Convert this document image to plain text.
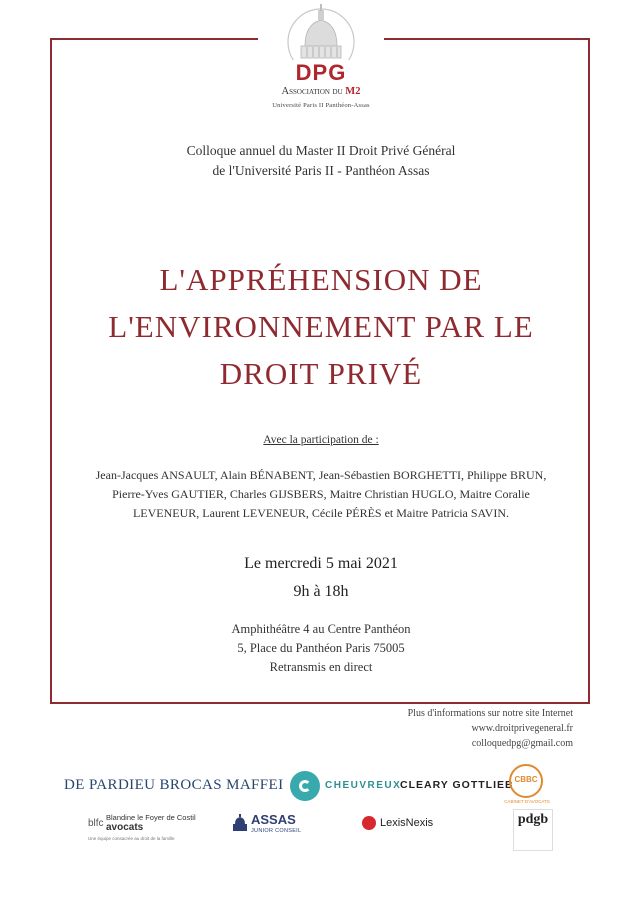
DPG
Association du M2
Université Paris II Panthéon-Assas
Colloque annuel du Master II Droit Privé Général
de l'Université Paris II - Panthéon Assas
L'APPRÉHENSION DE
L'ENVIRONNEMENT PAR LE
DROIT PRIVÉ
Avec la participation de :
Jean-Jacques ANSAULT, Alain BÉNABENT, Jean-Sébastien BORGHETTI, Philippe BRUN,
Pierre-Yves GAUTIER, Charles GIJSBERS, Maitre Christian HUGLO, Maitre Coralie
LEVENEUR, Laurent LEVENEUR, Cécile PÉRÈS et Maitre Patricia SAVIN.
Le mercredi 5 mai 2021
9h à 18h
Amphithéâtre 4 au Centre Panthéon
5, Place du Panthéon Paris 75005
Retransmis en direct
Plus d'informations sur notre site Internet
www.droitprivegeneral.fr
colloquedpg@gmail.com
DE PARDIEU BROCAS MAFFEI	CHEUVREUX
CLEARY GOTTLIEB CBBC
CABINET D'AVOCATS
blfc
Blandine le Foyer de Costil
avocats
Une équipe consacrée au droit de la famille
ASSAS
JUNIOR CONSEIL
LexisNexis	pdgb
